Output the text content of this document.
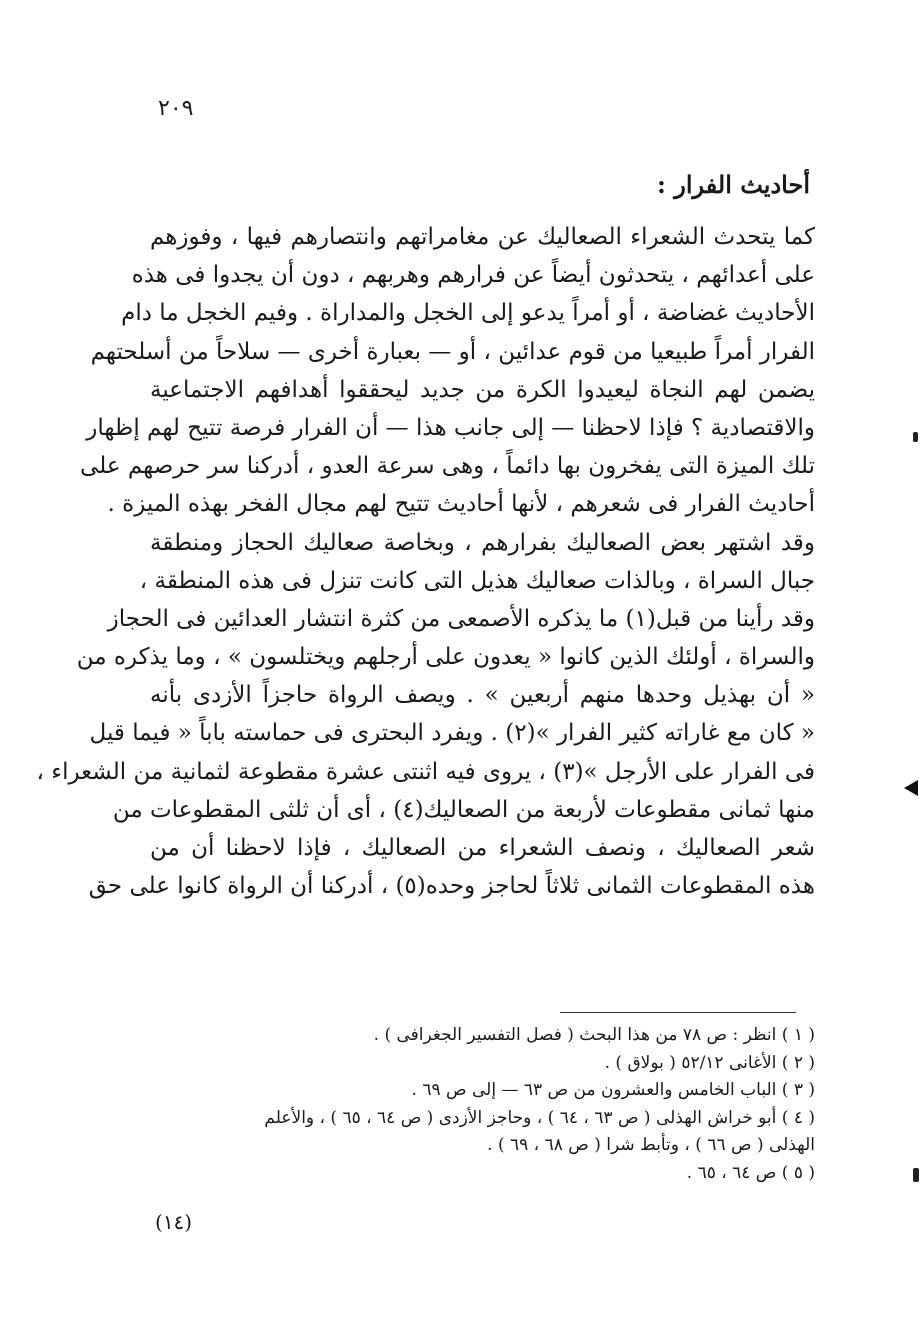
٢٠٩
أحاديث الفرار :
كما يتحدث الشعراء الصعاليك عن مغامراتهم وانتصارهم فيها ، وفوزهم
على أعدائهم ، يتحدثون أيضاً عن فرارهم وهربهم ، دون أن يجدوا فى هذه
الأحاديث غضاضة ، أو أمراً يدعو إلى الخجل والمداراة . وفيم الخجل ما دام
الفرار أمراً طبيعيا من قوم عدائين ، أو — بعبارة أخرى — سلاحاً من أسلحتهم
يضمن لهم النجاة ليعيدوا الكرة من جديد ليحققوا أهدافهم الاجتماعية
والاقتصادية ؟ فإذا لاحظنا — إلى جانب هذا — أن الفرار فرصة تتيح لهم إظهار
تلك الميزة التى يفخرون بها دائماً ، وهى سرعة العدو ، أدركنا سر حرصهم على
أحاديث الفرار فى شعرهم ، لأنها أحاديث تتيح لهم مجال الفخر بهذه الميزة .
وقد اشتهر بعض الصعاليك بفرارهم ، وبخاصة صعاليك الحجاز ومنطقة
جبال السراة ، وبالذات صعاليك هذيل التى كانت تنزل فى هذه المنطقة ،
وقد رأينا من قبل(١) ما يذكره الأصمعى من كثرة انتشار العدائين فى الحجاز
والسراة ، أولئك الذين كانوا « يعدون على أرجلهم ويختلسون » ، وما يذكره من
« أن بهذيل وحدها منهم أربعين » . ويصف الرواة حاجزاً الأزدى بأنه
« كان مع غاراته كثير الفرار »(٢) . ويفرد البحترى فى حماسته باباً « فيما قيل
فى الفرار على الأرجل »(٣) ، يروى فيه اثنتى عشرة مقطوعة لثمانية من الشعراء ،
منها ثمانى مقطوعات لأربعة من الصعاليك(٤) ، أى أن ثلثى المقطوعات من
شعر الصعاليك ، ونصف الشعراء من الصعاليك ، فإذا لاحظنا أن من
هذه المقطوعات الثمانى ثلاثاً لحاجز وحده(٥) ، أدركنا أن الرواة كانوا على حق
( ١ ) انظر : ص ٧٨ من هذا البحث ( فصل التفسير الجغرافى ) .
( ٢ ) الأغانى ٥٢/١٢ ( بولاق ) .
( ٣ ) الباب الخامس والعشرون من ص ٦٣ — إلى ص ٦٩ .
( ٤ ) أبو خراش الهذلى ( ص ٦٣ ، ٦٤ ) ، وحاجز الأزدى ( ص ٦٤ ، ٦٥ ) ، والأعلم
الهذلى ( ص ٦٦ ) ، وتأبط شرا ( ص ٦٨ ، ٦٩ ) .
( ٥ ) ص ٦٤ ، ٦٥ .
(١٤)
